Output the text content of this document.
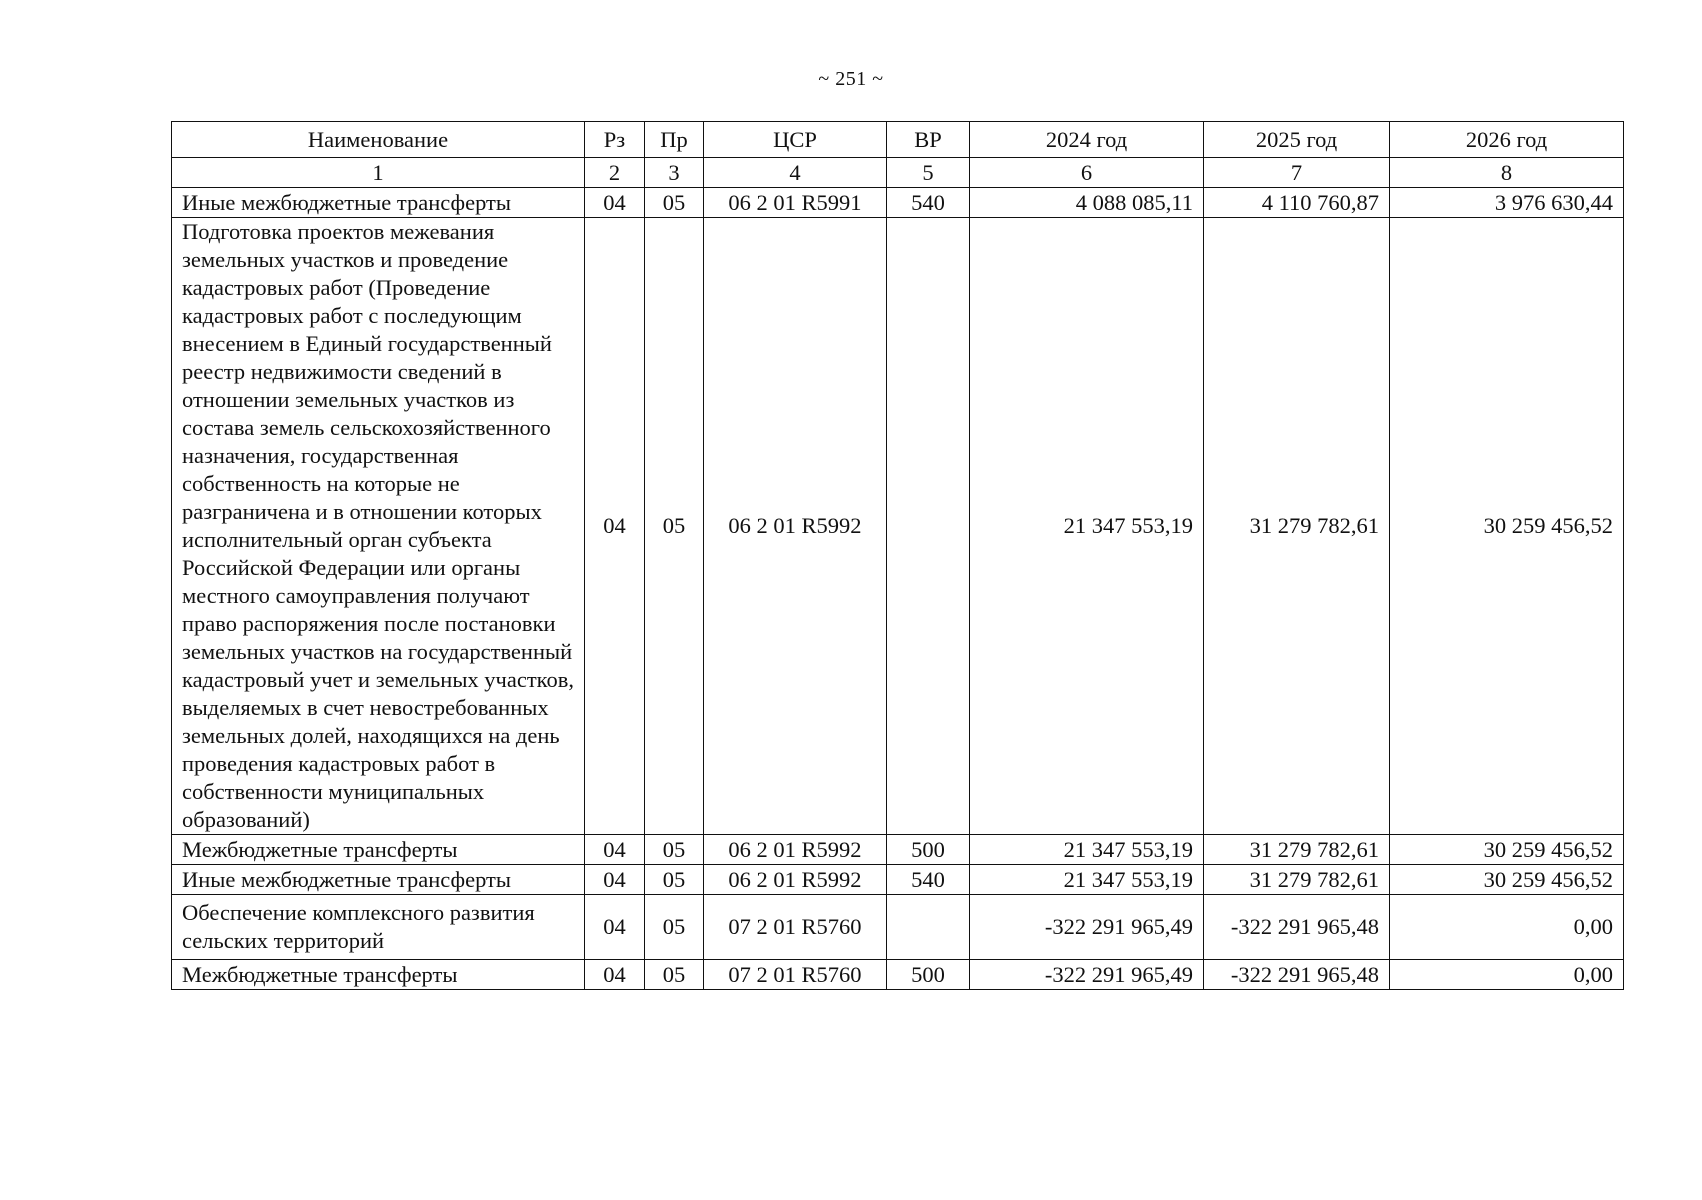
~ 251 ~
Наименование	Рз	Пр	ЦСР	ВР	2024 год	2025 год	2026 год
1	2	3	4	5	6	7	8
Иные межбюджетные трансферты	04	05	06 2 01 R5991	540	4 088 085,11	4 110 760,87	3 976 630,44
Подготовка проектов межевания земельных участков и проведение кадастровых работ (Проведение кадастровых работ с последующим внесением в Единый государственный реестр недвижимости сведений в отношении земельных участков из состава земель сельскохозяйственного назначения, государственная собственность на которые не разграничена и в отношении которых исполнительный орган субъекта Российской Федерации или органы местного самоуправления получают право распоряжения после постановки земельных участков на государственный кадастровый учет и земельных участков, выделяемых в счет невостребованных земельных долей, находящихся на день проведения кадастровых работ в собственности муниципальных образований)	04	05	06 2 01 R5992		21 347 553,19	31 279 782,61	30 259 456,52
Межбюджетные трансферты	04	05	06 2 01 R5992	500	21 347 553,19	31 279 782,61	30 259 456,52
Иные межбюджетные трансферты	04	05	06 2 01 R5992	540	21 347 553,19	31 279 782,61	30 259 456,52
Обеспечение комплексного развития сельских территорий	04	05	07 2 01 R5760		-322 291 965,49	-322 291 965,48	0,00
Межбюджетные трансферты	04	05	07 2 01 R5760	500	-322 291 965,49	-322 291 965,48	0,00
